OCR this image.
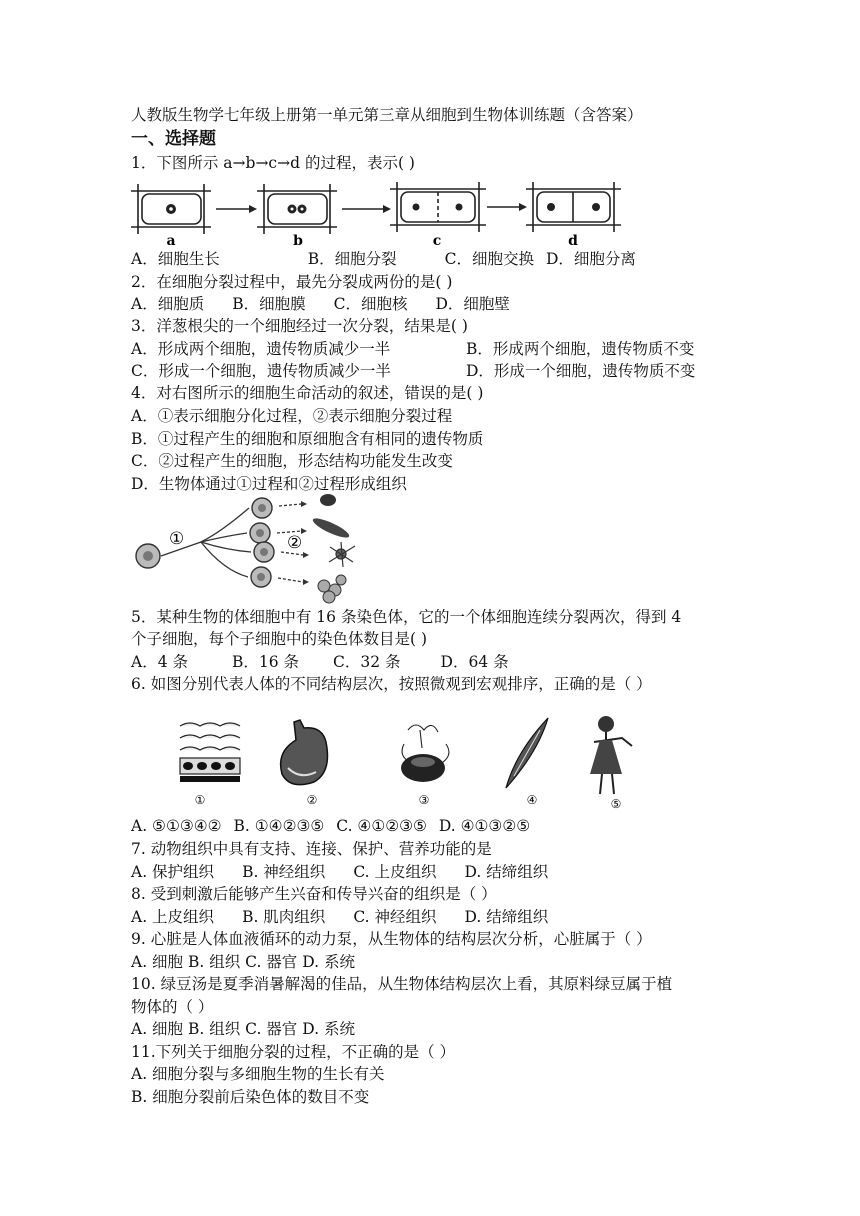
人教版生物学七年级上册第一单元第三章从细胞到生物体训练题（含答案）
一、选择题
1．下图所示 a→b→c→d 的过程，表示( )
a	b	c	d
A．细胞生长	B．细胞分裂	C．细胞交换 D．细胞分离
2．在细胞分裂过程中，最先分裂成两份的是( )
A．细胞质 B．细胞膜 C．细胞核 D．细胞壁
3．洋葱根尖的一个细胞经过一次分裂，结果是( )
A．形成两个细胞，遗传物质减少一半	B．形成两个细胞，遗传物质不变
C．形成一个细胞，遗传物质减少一半	D．形成一个细胞，遗传物质不变
4．对右图所示的细胞生命活动的叙述，错误的是( )
A．①表示细胞分化过程，②表示细胞分裂过程
B．①过程产生的细胞和原细胞含有相同的遗传物质
C．②过程产生的细胞，形态结构功能发生改变
D．生物体通过①过程和②过程形成组织
①	②
5．某种生物的体细胞中有 16 条染色体，它的一个体细胞连续分裂两次，得到 4
个子细胞，每个子细胞中的染色体数目是( )
A．4 条	B．16 条 C．32 条	D．64 条
6. 如图分别代表人体的不同结构层次，按照微观到宏观排序，正确的是（ ）
①	②	③	④	⑤
A. ⑤①③④② B. ①④②③⑤ C. ④①②③⑤ D. ④①③②⑤
7. 动物组织中具有支持、连接、保护、营养功能的是
A. 保护组织 B. 神经组织 C. 上皮组织 D. 结缔组织
8. 受到刺激后能够产生兴奋和传导兴奋的组织是（ ）
A. 上皮组织 B. 肌肉组织 C. 神经组织 D. 结缔组织
9. 心脏是人体血液循环的动力泵，从生物体的结构层次分析，心脏属于（ ）
A. 细胞 B. 组织 C. 器官 D. 系统
10. 绿豆汤是夏季消暑解渴的佳品，从生物体结构层次上看，其原料绿豆属于植
物体的（ ）
A. 细胞 B. 组织 C. 器官 D. 系统
11.下列关于细胞分裂的过程，不正确的是（ ）
A. 细胞分裂与多细胞生物的生长有关
B. 细胞分裂前后染色体的数目不变
